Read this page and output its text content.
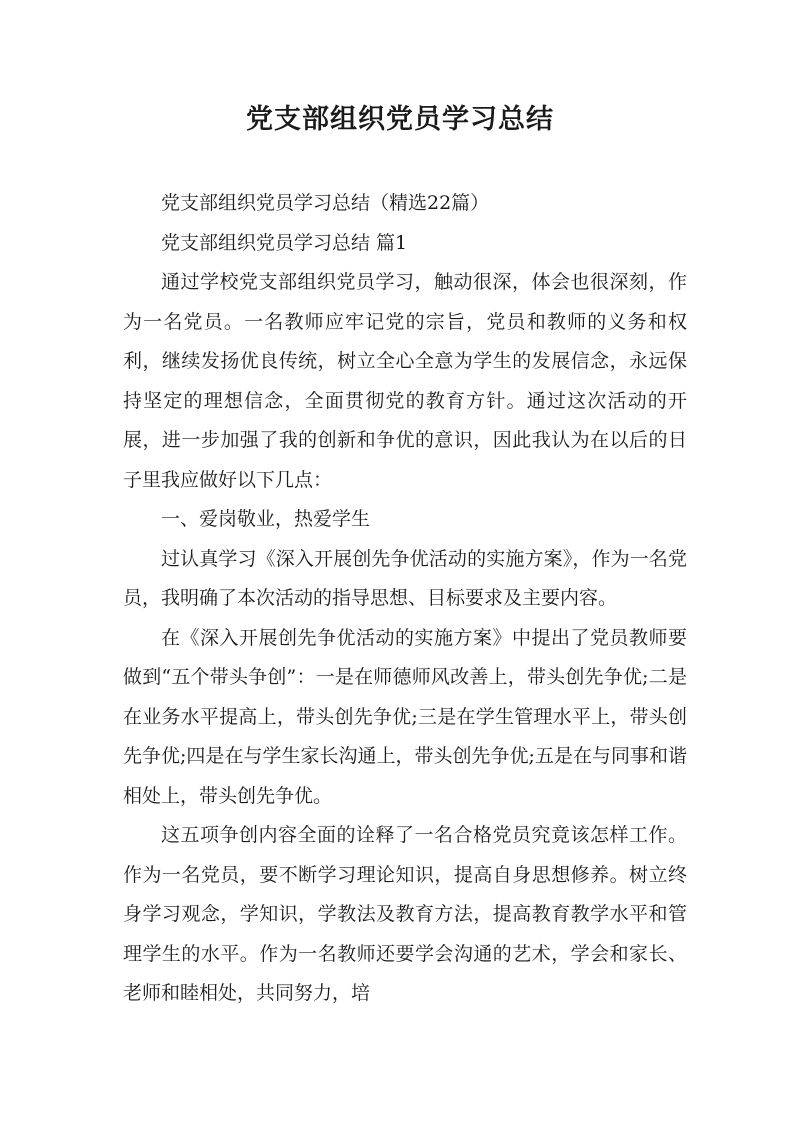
党支部组织党员学习总结

党支部组织党员学习总结（精选22篇）

党支部组织党员学习总结 篇1

通过学校党支部组织党员学习，触动很深，体会也很深刻，作为一名党员。一名教师应牢记党的宗旨，党员和教师的义务和权利，继续发扬优良传统，树立全心全意为学生的发展信念，永远保持坚定的理想信念，全面贯彻党的教育方针。通过这次活动的开展，进一步加强了我的创新和争优的意识，因此我认为在以后的日子里我应做好以下几点：

一、爱岗敬业，热爱学生

过认真学习《深入开展创先争优活动的实施方案》，作为一名党员，我明确了本次活动的指导思想、目标要求及主要内容。

在《深入开展创先争优活动的实施方案》中提出了党员教师要做到“五个带头争创”：一是在师德师风改善上，带头创先争优;二是在业务水平提高上，带头创先争优;三是在学生管理水平上，带头创先争优;四是在与学生家长沟通上，带头创先争优;五是在与同事和谐相处上，带头创先争优。

这五项争创内容全面的诠释了一名合格党员究竟该怎样工作。作为一名党员，要不断学习理论知识，提高自身思想修养。树立终身学习观念，学知识，学教法及教育方法，提高教育教学水平和管理学生的水平。作为一名教师还要学会沟通的艺术，学会和家长、老师和睦相处，共同努力，培
